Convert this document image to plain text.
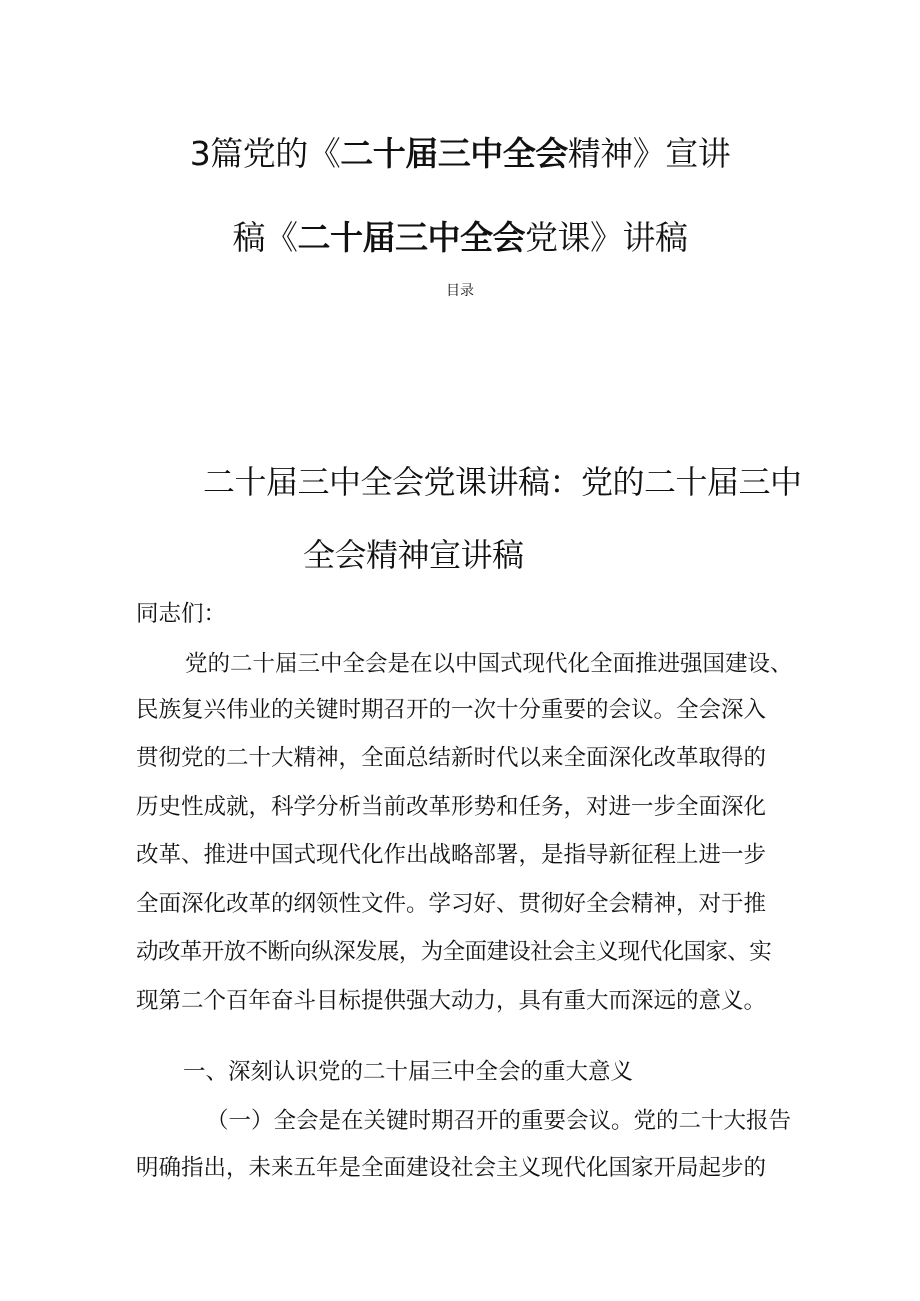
3篇党的《二十届三中全会精神》宣讲
稿《二十届三中全会党课》讲稿
目录
二十届三中全会党课讲稿：党的二十届三中
全会精神宣讲稿
同志们：
党的二十届三中全会是在以中国式现代化全面推进强国建设、
民族复兴伟业的关键时期召开的一次十分重要的会议。全会深入
贯彻党的二十大精神，全面总结新时代以来全面深化改革取得的
历史性成就，科学分析当前改革形势和任务，对进一步全面深化
改革、推进中国式现代化作出战略部署，是指导新征程上进一步
全面深化改革的纲领性文件。学习好、贯彻好全会精神，对于推
动改革开放不断向纵深发展，为全面建设社会主义现代化国家、实
现第二个百年奋斗目标提供强大动力，具有重大而深远的意义。
一、深刻认识党的二十届三中全会的重大意义
（一）全会是在关键时期召开的重要会议。党的二十大报告
明确指出，未来五年是全面建设社会主义现代化国家开局起步的
